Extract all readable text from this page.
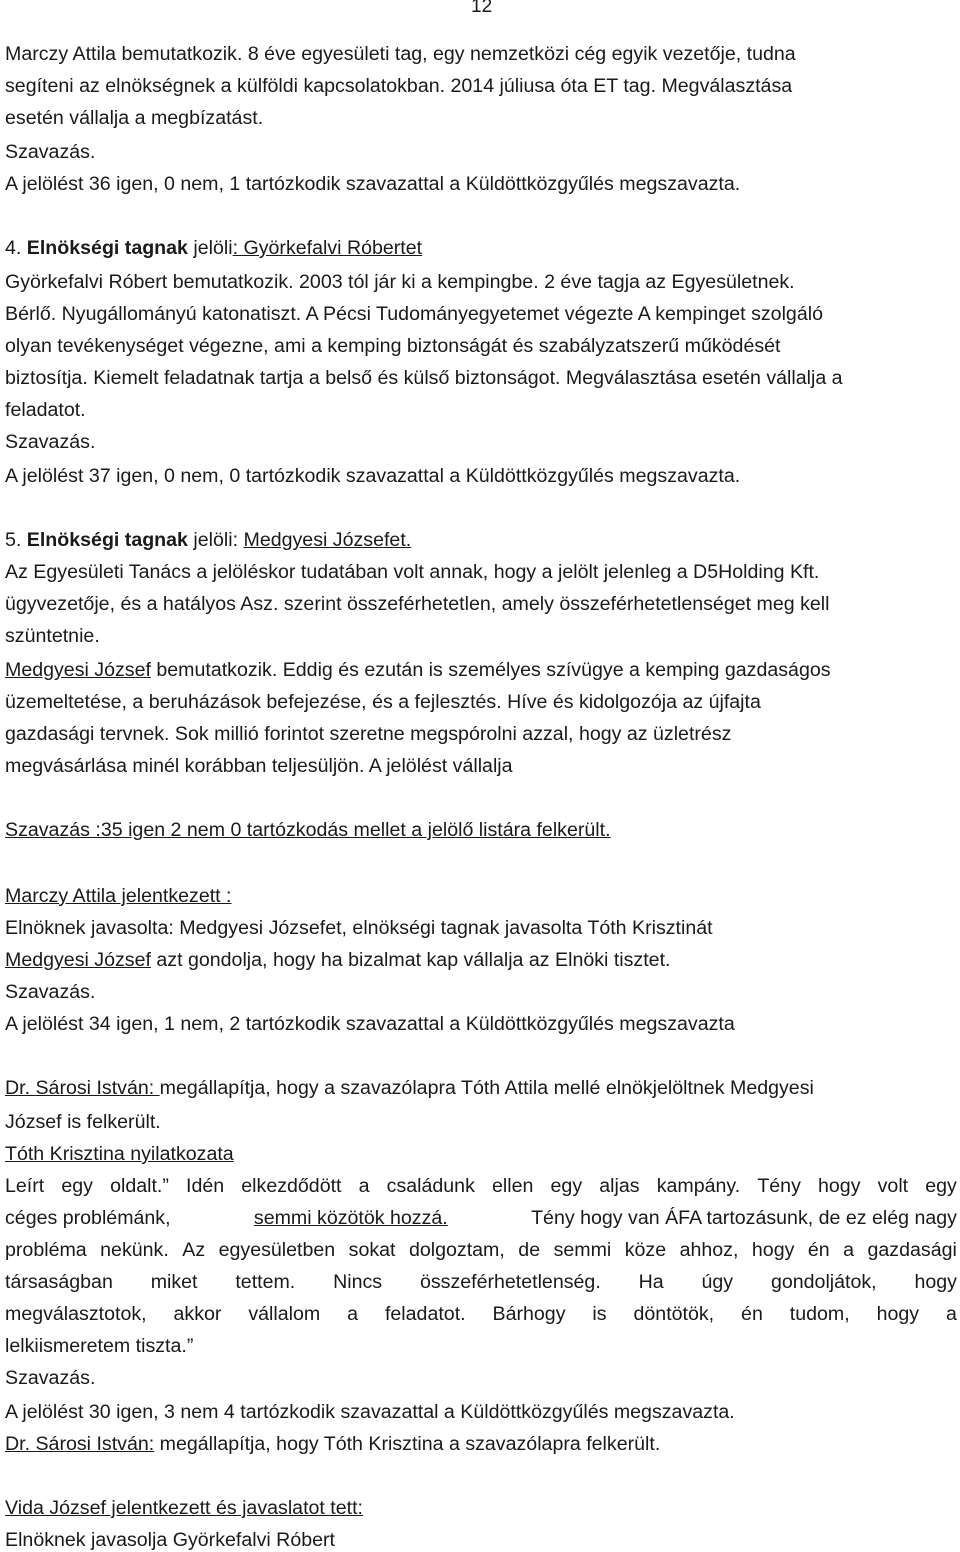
12
Marczy Attila bemutatkozik. 8 éve egyesületi tag, egy nemzetközi cég egyik vezetője, tudna
segíteni az elnökségnek a külföldi kapcsolatokban. 2014 júliusa óta ET tag. Megválasztása
esetén vállalja a megbízatást.
Szavazás.
A jelölést 36 igen, 0 nem, 1 tartózkodik szavazattal a Küldöttközgyűlés megszavazta.
4. Elnökségi tagnak jelöli: Györkefalvi Róbertet
Györkefalvi Róbert bemutatkozik. 2003 tól jár ki a kempingbe. 2 éve tagja az Egyesületnek.
Bérlő. Nyugállományú katonatiszt. A Pécsi Tudományegyetemet végezte A kempinget szolgáló
olyan tevékenységet végezne, ami a kemping biztonságát és szabályzatszerű működését
biztosítja. Kiemelt feladatnak tartja a belső és külső biztonságot. Megválasztása esetén vállalja a
feladatot.
Szavazás.
A jelölést 37 igen, 0 nem, 0 tartózkodik szavazattal a Küldöttközgyűlés megszavazta.
5. Elnökségi tagnak jelöli: Medgyesi Józsefet.
Az Egyesületi Tanács a jelöléskor tudatában volt annak, hogy a jelölt jelenleg a D5Holding Kft.
ügyvezetője, és a hatályos Asz. szerint összeférhetetlen, amely összeférhetetlenséget meg kell
szüntetnie.
Medgyesi József bemutatkozik. Eddig és ezután is személyes szívügye a kemping gazdaságos
üzemeltetése, a beruházások befejezése, és a fejlesztés. Híve és kidolgozója az újfajta
gazdasági tervnek. Sok millió forintot szeretne megspórolni azzal, hogy az üzletrész
megvásárlása minél korábban teljesüljön. A jelölést vállalja
Szavazás :35 igen 2 nem 0 tartózkodás mellet a jelölő listára felkerült.
Marczy Attila jelentkezett :
Elnöknek javasolta: Medgyesi Józsefet, elnökségi tagnak javasolta Tóth Krisztinát
Medgyesi József azt gondolja, hogy ha bizalmat kap vállalja az Elnöki tisztet.
Szavazás.
A jelölést 34 igen, 1 nem, 2 tartózkodik szavazattal a Küldöttközgyűlés megszavazta
Dr. Sárosi István: megállapítja, hogy a szavazólapra Tóth Attila mellé elnökjelöltnek Medgyesi
József is felkerült.
Tóth Krisztina nyilatkozata
Leírt egy oldalt.” Idén elkezdődött a családunk ellen egy aljas kampány. Tény hogy volt egy
céges problémánk,	semmi közötök hozzá.	Tény hogy van ÁFA tartozásunk, de ez elég nagy
probléma nekünk. Az egyesületben sokat dolgoztam, de semmi köze ahhoz, hogy én a gazdasági
társaságban miket tettem. Nincs összeférhetetlenség. Ha úgy gondoljátok, hogy
megválasztotok, akkor vállalom a feladatot. Bárhogy is döntötök, én tudom, hogy a
lelkiismeretem tiszta.”
Szavazás.
A jelölést 30 igen, 3 nem 4 tartózkodik szavazattal a Küldöttközgyűlés megszavazta.
Dr. Sárosi István: megállapítja, hogy Tóth Krisztina a szavazólapra felkerült.
Vida József jelentkezett és javaslatot tett:
Elnöknek javasolja Györkefalvi Róbert
